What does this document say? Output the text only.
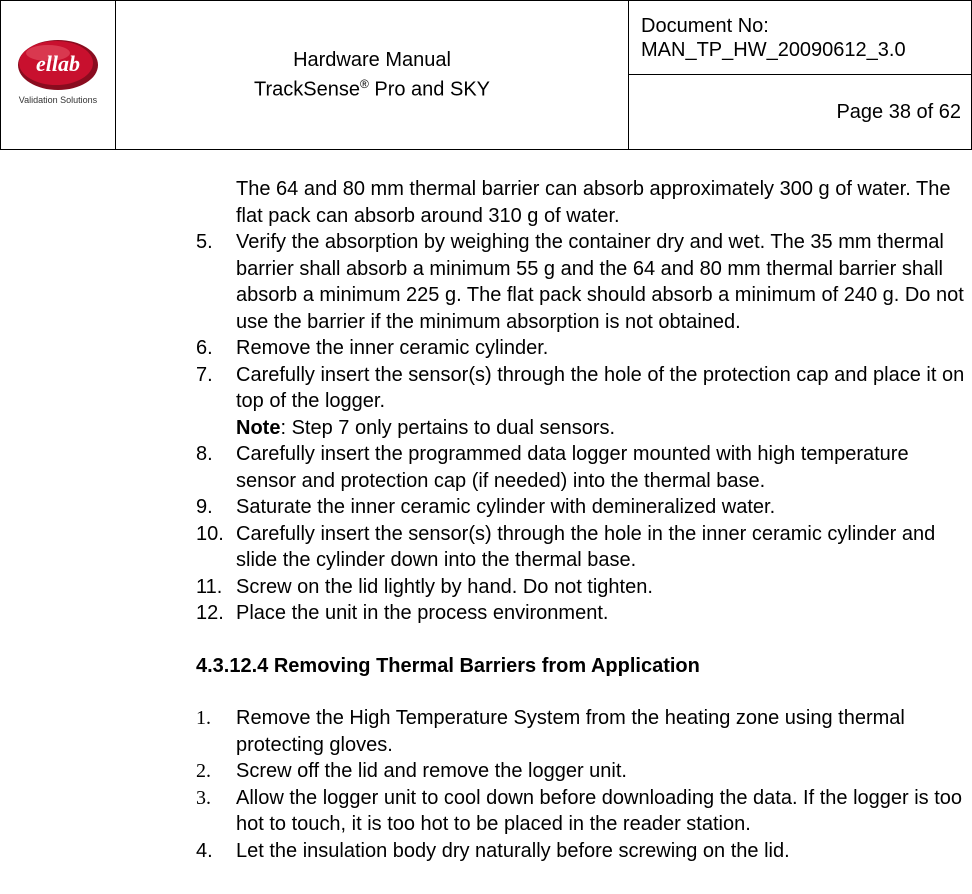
ellab
Validation Solutions

Hardware Manual
TrackSense® Pro and SKY

Document No:
MAN_TP_HW_20090612_3.0

Page 38 of 62
The 64 and 80 mm thermal barrier can absorb approximately 300 g of water. The flat pack can absorb around 310 g of water.
5. Verify the absorption by weighing the container dry and wet. The 35 mm thermal barrier shall absorb a minimum 55 g and the 64 and 80 mm thermal barrier shall absorb a minimum 225 g. The flat pack should absorb a minimum of 240 g. Do not use the barrier if the minimum absorption is not obtained.
6. Remove the inner ceramic cylinder.
7. Carefully insert the sensor(s) through the hole of the protection cap and place it on top of the logger.
Note: Step 7 only pertains to dual sensors.
8. Carefully insert the programmed data logger mounted with high temperature sensor and protection cap (if needed) into the thermal base.
9. Saturate the inner ceramic cylinder with demineralized water.
10. Carefully insert the sensor(s) through the hole in the inner ceramic cylinder and slide the cylinder down into the thermal base.
11. Screw on the lid lightly by hand. Do not tighten.
12. Place the unit in the process environment.
4.3.12.4 Removing Thermal Barriers from Application
1. Remove the High Temperature System from the heating zone using thermal protecting gloves.
2. Screw off the lid and remove the logger unit.
3. Allow the logger unit to cool down before downloading the data. If the logger is too hot to touch, it is too hot to be placed in the reader station.
4. Let the insulation body dry naturally before screwing on the lid.
